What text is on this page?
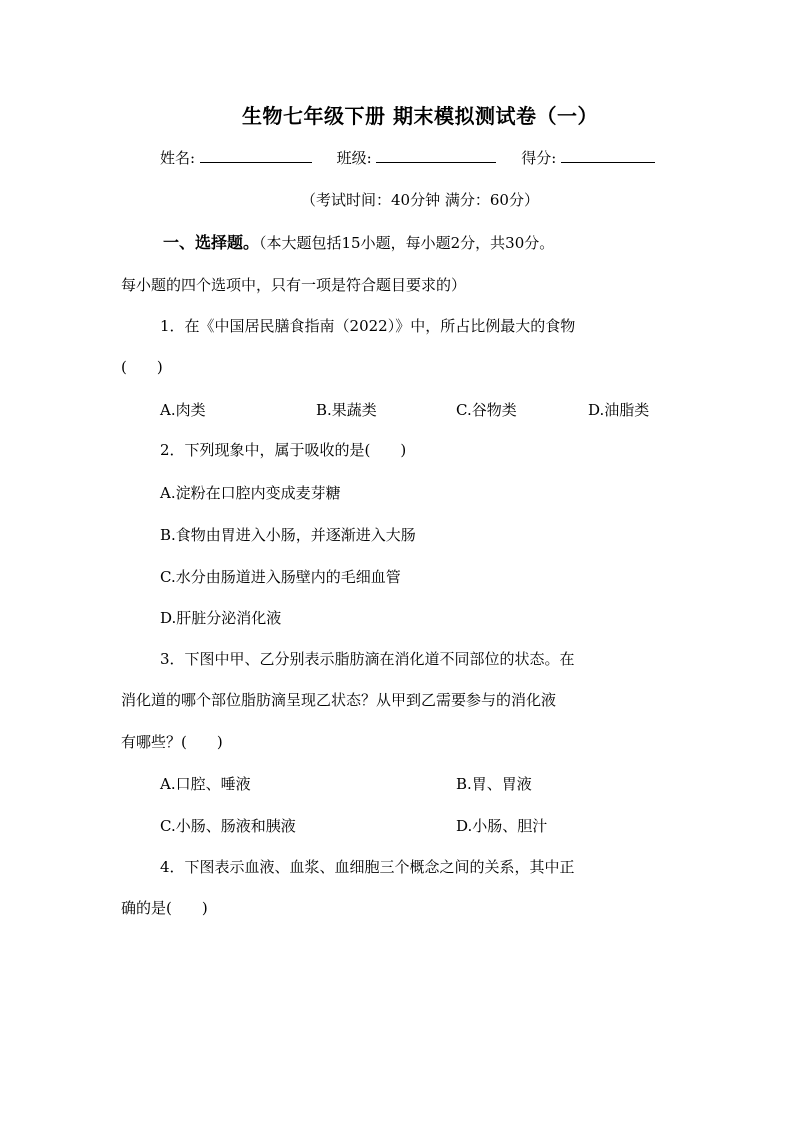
生物七年级下册 期末模拟测试卷（一）
姓名:	班级:	得分:
（考试时间：40分钟 满分：60分）
一、选择题。（本大题包括15小题，每小题2分，共30分。
每小题的四个选项中，只有一项是符合题目要求的）
1．在《中国居民膳食指南（2022）》中，所占比例最大的食物
(　　)
A.肉类	B.果蔬类	C.谷物类	D.油脂类
2．下列现象中，属于吸收的是(　　)
A.淀粉在口腔内变成麦芽糖
B.食物由胃进入小肠，并逐渐进入大肠
C.水分由肠道进入肠壁内的毛细血管
D.肝脏分泌消化液
3．下图中甲、乙分别表示脂肪滴在消化道不同部位的状态。在
消化道的哪个部位脂肪滴呈现乙状态？从甲到乙需要参与的消化液
有哪些？(　　)
A.口腔、唾液	B.胃、胃液
C.小肠、肠液和胰液	D.小肠、胆汁
4．下图表示血液、血浆、血细胞三个概念之间的关系，其中正
确的是(　　)
